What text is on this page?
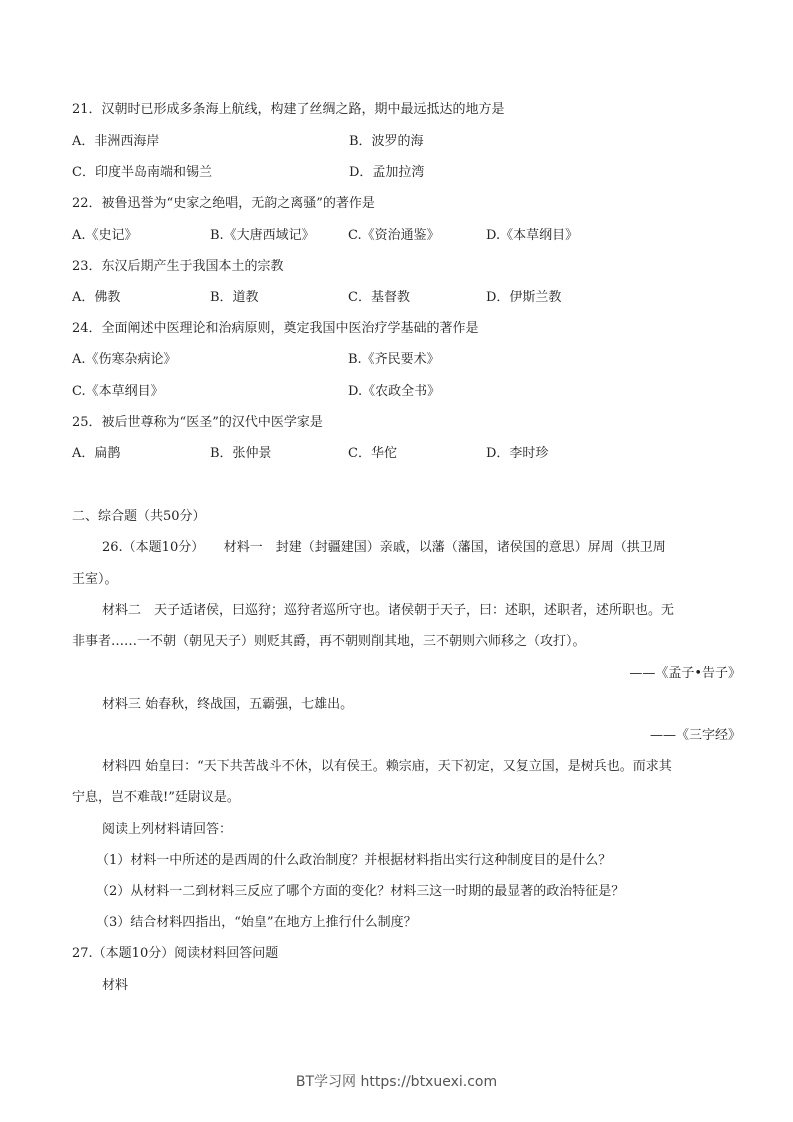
21．汉朝时已形成多条海上航线，构建了丝绸之路，期中最远抵达的地方是
A．非洲西海岸	B．波罗的海
C．印度半岛南端和锡兰	D．孟加拉湾
22．被鲁迅誉为“史家之绝唱，无韵之离骚”的著作是
A.《史记》	B.《大唐西域记》	C.《资治通鉴》	D.《本草纲目》
23．东汉后期产生于我国本土的宗教
A．佛教	B．道教	C．基督教	D．伊斯兰教
24．全面阐述中医理论和治病原则，奠定我国中医治疗学基础的著作是
A.《伤寒杂病论》	B.《齐民要术》
C.《本草纲目》	D.《农政全书》
25．被后世尊称为“医圣”的汉代中医学家是
A．扁鹊	B．张仲景	C．华佗	D．李时珍
二、综合题（共50分）
26.（本题10分）　　材料一　封建（封疆建国）亲戚，以藩（藩国，诸侯国的意思）屏周（拱卫周
王室）。
材料二　天子适诸侯，曰巡狩；巡狩者巡所守也。诸侯朝于天子，曰：述职，述职者，述所职也。无
非事者……一不朝（朝见天子）则贬其爵，再不朝则削其地，三不朝则六师移之（攻打）。
——《孟子•告子》
材料三 始春秋，终战国，五霸强，七雄出。
——《三字经》
材料四 始皇曰：“天下共苦战斗不休，以有侯王。赖宗庙，天下初定，又复立国，是树兵也。而求其
宁息，岂不难哉!”廷尉议是。
阅读上列材料请回答：
（1）材料一中所述的是西周的什么政治制度？并根据材料指出实行这种制度目的是什么？
（2）从材料一二到材料三反应了哪个方面的变化？材料三这一时期的最显著的政治特征是？
（3）结合材料四指出，“始皇”在地方上推行什么制度？
27.（本题10分）阅读材料回答问题
材料
BT学习网 https://btxuexi.com
